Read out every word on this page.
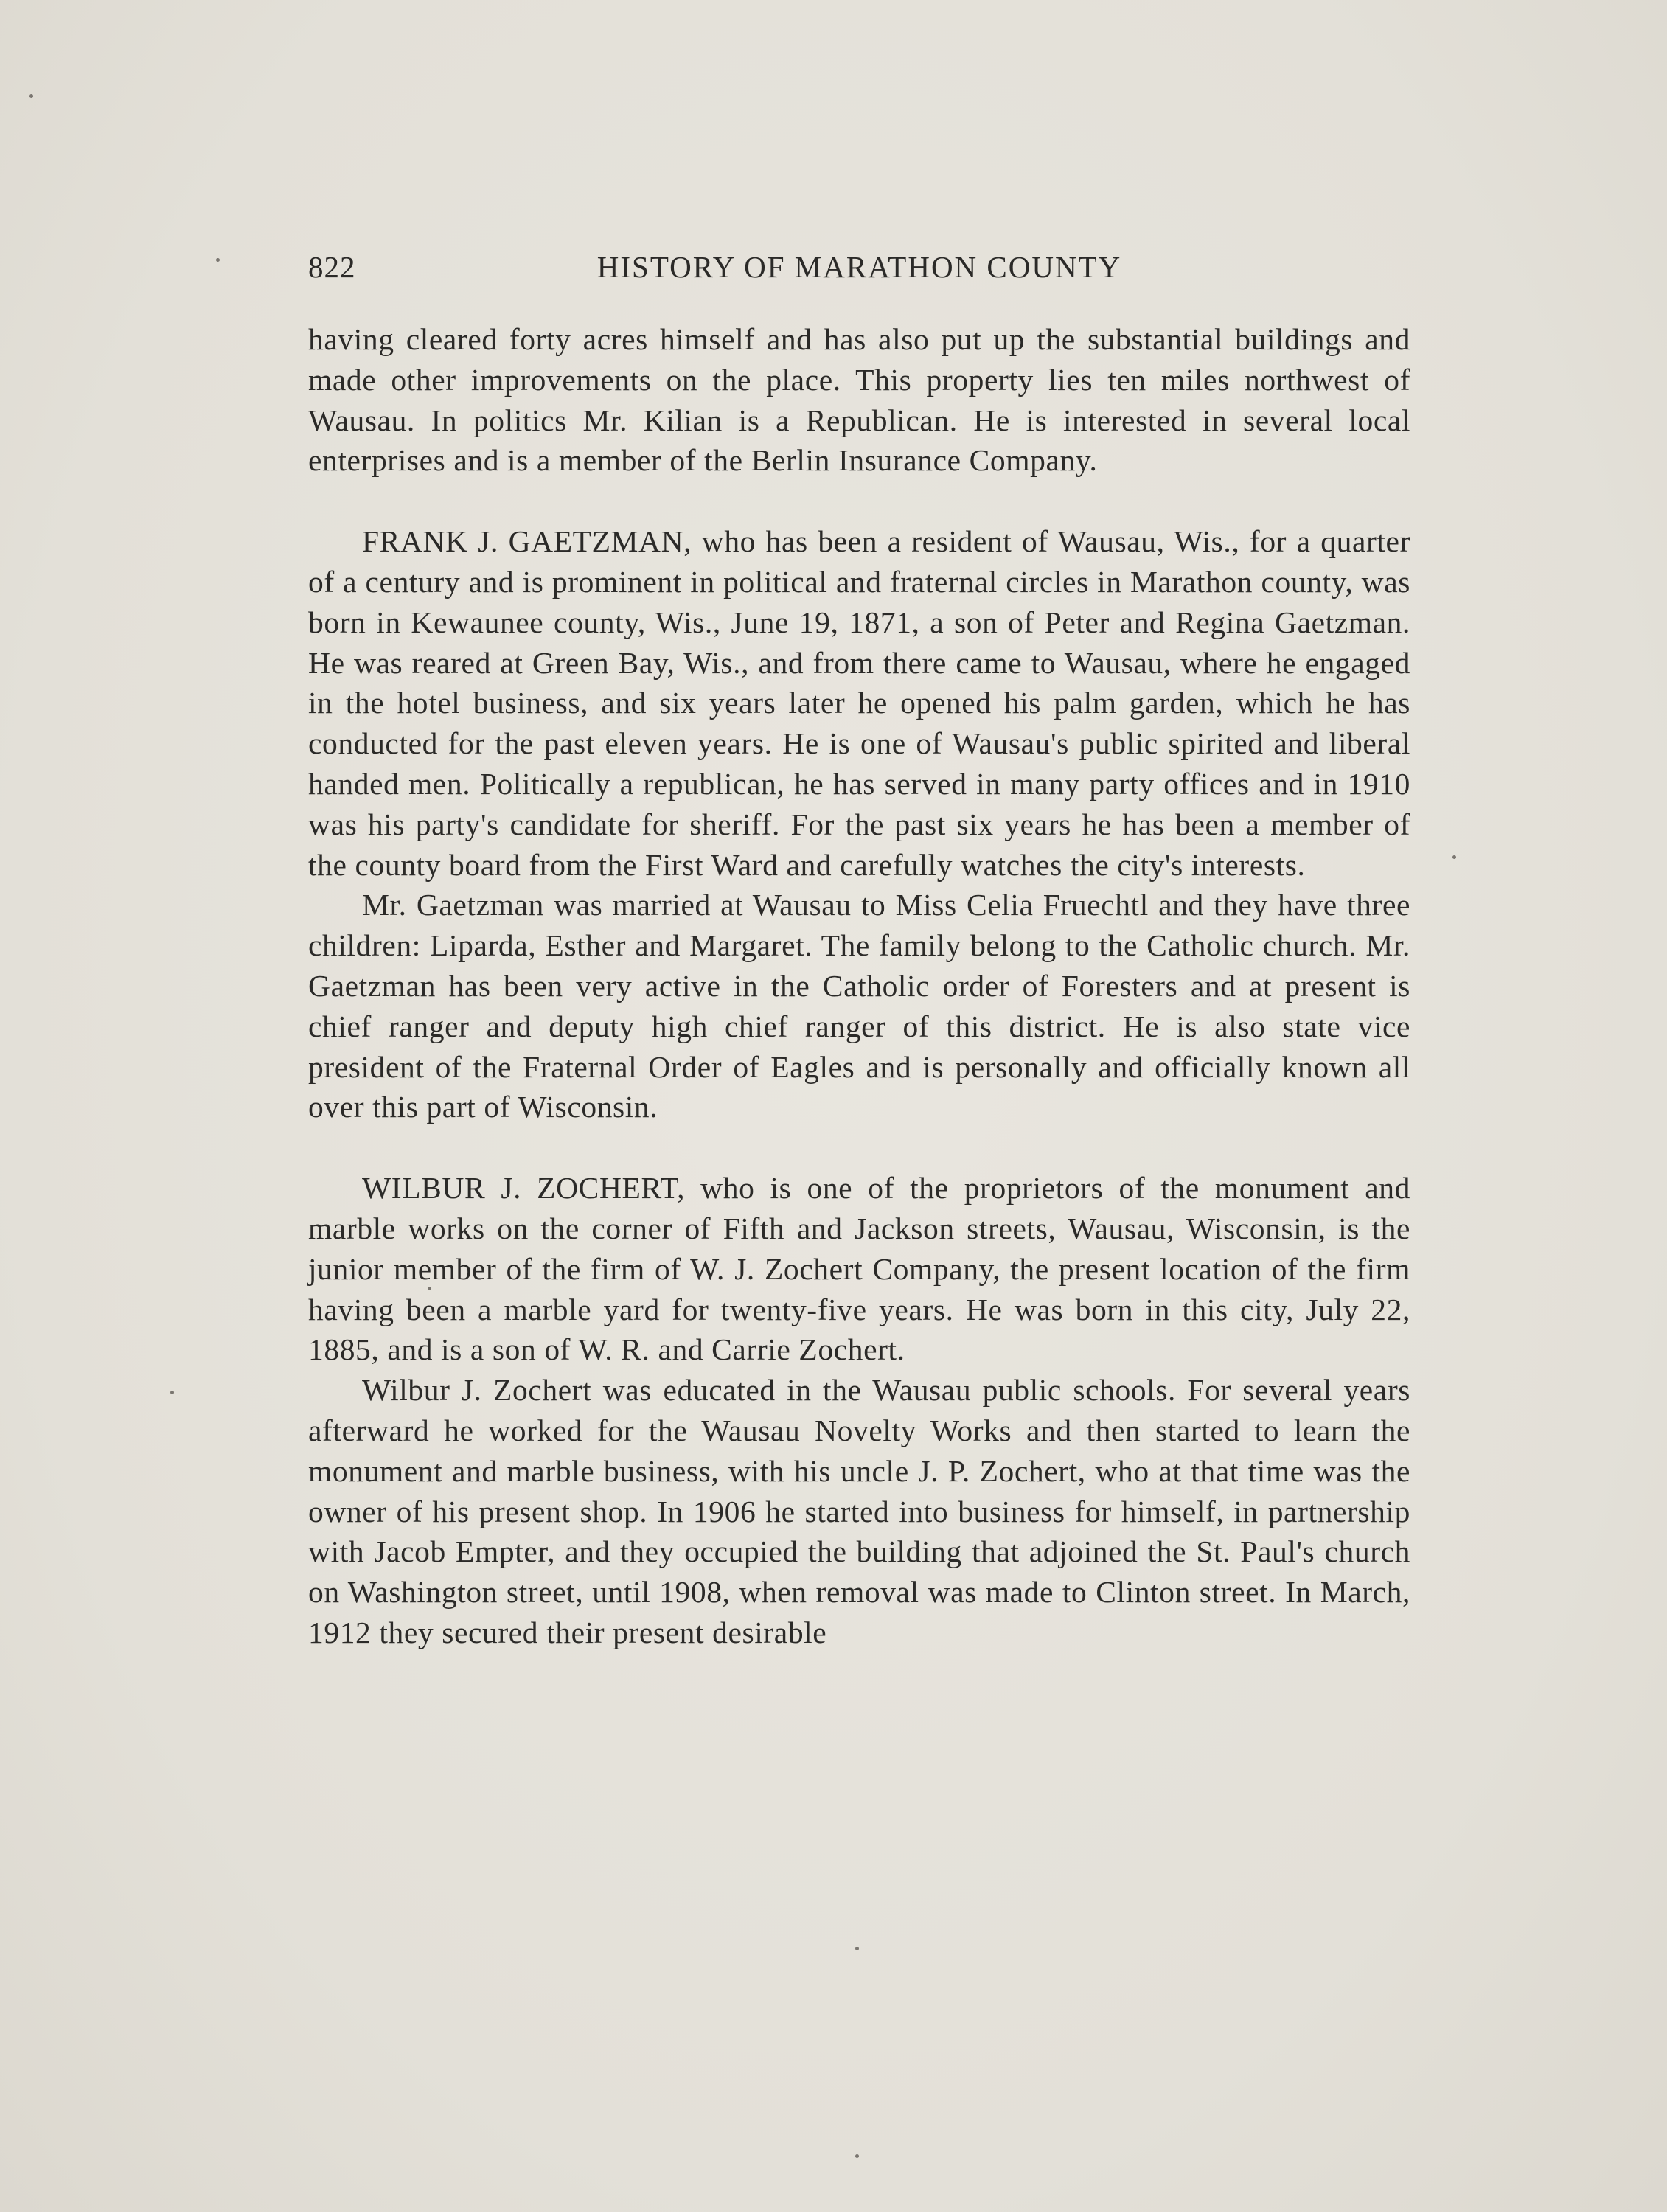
822	HISTORY OF MARATHON COUNTY

having cleared forty acres himself and has also put up the substantial buildings and made other improvements on the place. This property lies ten miles northwest of Wausau. In politics Mr. Kilian is a Republican. He is interested in several local enterprises and is a member of the Berlin Insurance Company.

FRANK J. GAETZMAN, who has been a resident of Wausau, Wis., for a quarter of a century and is prominent in political and fraternal circles in Marathon county, was born in Kewaunee county, Wis., June 19, 1871, a son of Peter and Regina Gaetzman. He was reared at Green Bay, Wis., and from there came to Wausau, where he engaged in the hotel business, and six years later he opened his palm garden, which he has conducted for the past eleven years. He is one of Wausau's public spirited and liberal handed men. Politically a republican, he has served in many party offices and in 1910 was his party's candidate for sheriff. For the past six years he has been a member of the county board from the First Ward and carefully watches the city's interests.

Mr. Gaetzman was married at Wausau to Miss Celia Fruechtl and they have three children: Liparda, Esther and Margaret. The family belong to the Catholic church. Mr. Gaetzman has been very active in the Catholic order of Foresters and at present is chief ranger and deputy high chief ranger of this district. He is also state vice president of the Fraternal Order of Eagles and is personally and officially known all over this part of Wisconsin.

WILBUR J. ZOCHERT, who is one of the proprietors of the monument and marble works on the corner of Fifth and Jackson streets, Wausau, Wisconsin, is the junior member of the firm of W. J. Zochert Company, the present location of the firm having been a marble yard for twenty-five years. He was born in this city, July 22, 1885, and is a son of W. R. and Carrie Zochert.

Wilbur J. Zochert was educated in the Wausau public schools. For several years afterward he worked for the Wausau Novelty Works and then started to learn the monument and marble business, with his uncle J. P. Zochert, who at that time was the owner of his present shop. In 1906 he started into business for himself, in partnership with Jacob Empter, and they occupied the building that adjoined the St. Paul's church on Washington street, until 1908, when removal was made to Clinton street. In March, 1912 they secured their present desirable
